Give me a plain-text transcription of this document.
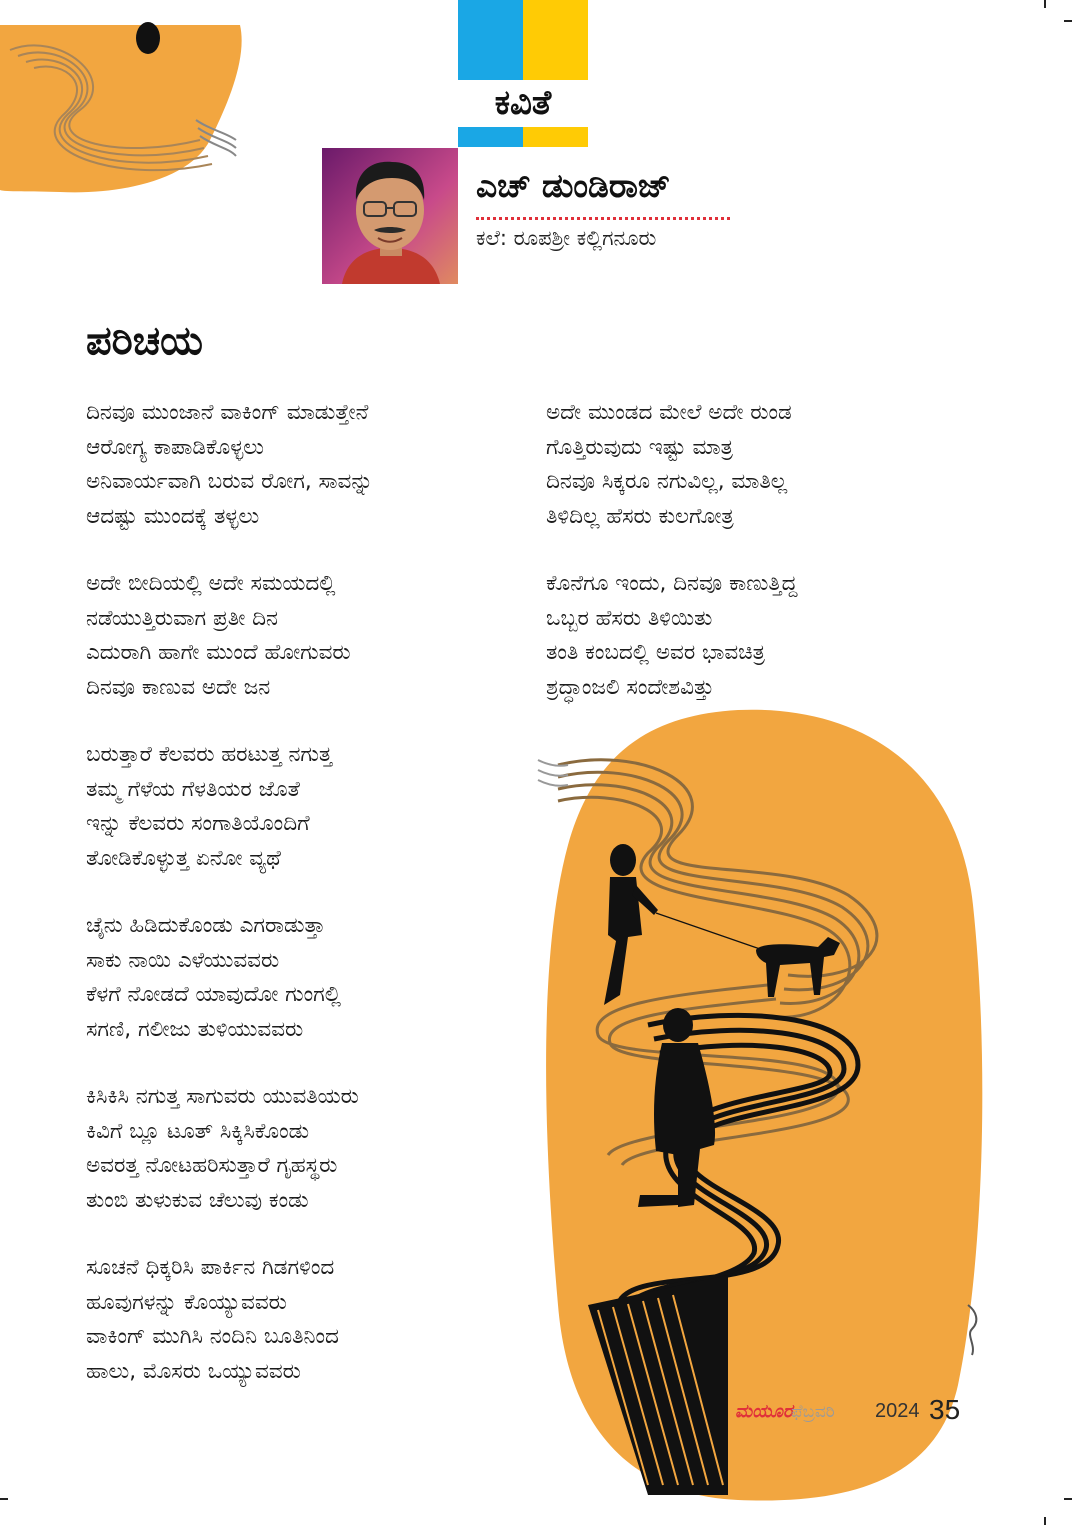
ಕವಿತೆ
ಎಚ್‌ ಡುಂಡಿರಾಜ್‌
ಕಲೆ: ರೂಪಶ್ರೀ ಕಲ್ಲಿಗನೂರು
ಪರಿಚಯ
ದಿನವೂ ಮುಂಜಾನೆ ವಾಕಿಂಗ್‌ ಮಾಡುತ್ತೇನೆ
ಆರೋಗ್ಯ ಕಾಪಾಡಿಕೊಳ್ಳಲು
ಅನಿವಾರ್ಯವಾಗಿ ಬರುವ ರೋಗ, ಸಾವನ್ನು
ಆದಷ್ಟು ಮುಂದಕ್ಕೆ ತಳ್ಳಲು
ಅದೇ ಬೀದಿಯಲ್ಲಿ ಅದೇ ಸಮಯದಲ್ಲಿ
ನಡೆಯುತ್ತಿರುವಾಗ ಪ್ರತೀ ದಿನ
ಎದುರಾಗಿ ಹಾಗೇ ಮುಂದೆ ಹೋಗುವರು
ದಿನವೂ ಕಾಣುವ ಅದೇ ಜನ
ಬರುತ್ತಾರೆ ಕೆಲವರು ಹರಟುತ್ತ ನಗುತ್ತ
ತಮ್ಮ ಗೆಳೆಯ ಗೆಳತಿಯರ ಜೊತೆ
ಇನ್ನು ಕೆಲವರು ಸಂಗಾತಿಯೊಂದಿಗೆ
ತೋಡಿಕೊಳ್ಳುತ್ತ ಏನೋ ವ್ಯಥೆ
ಚೈನು ಹಿಡಿದುಕೊಂಡು ಎಗರಾಡುತ್ತಾ
ಸಾಕು ನಾಯಿ ಎಳೆಯುವವರು
ಕೆಳಗೆ ನೋಡದೆ ಯಾವುದೋ ಗುಂಗಲ್ಲಿ
ಸಗಣಿ, ಗಲೀಜು ತುಳಿಯುವವರು
ಕಿಸಿಕಿಸಿ ನಗುತ್ತ ಸಾಗುವರು ಯುವತಿಯರು
ಕಿವಿಗೆ ಬ್ಲೂ ಟೂತ್‌ ಸಿಕ್ಕಿಸಿಕೊಂಡು
ಅವರತ್ತ ನೋಟಹರಿಸುತ್ತಾರೆ ಗೃಹಸ್ಥರು
ತುಂಬಿ ತುಳುಕುವ ಚೆಲುವು ಕಂಡು
ಸೂಚನೆ ಧಿಕ್ಕರಿಸಿ ಪಾರ್ಕಿನ ಗಿಡಗಳಿಂದ
ಹೂವುಗಳನ್ನು ಕೊಯ್ಯುವವರು
ವಾಕಿಂಗ್‌ ಮುಗಿಸಿ ನಂದಿನಿ ಬೂತಿನಿಂದ
ಹಾಲು, ಮೊಸರು ಒಯ್ಯುವವರು
ಅದೇ ಮುಂಡದ ಮೇಲೆ ಅದೇ ರುಂಡ
ಗೊತ್ತಿರುವುದು ಇಷ್ಟು ಮಾತ್ರ
ದಿನವೂ ಸಿಕ್ಕರೂ ನಗುವಿಲ್ಲ, ಮಾತಿಲ್ಲ
ತಿಳಿದಿಲ್ಲ ಹೆಸರು ಕುಲಗೋತ್ರ
ಕೊನೆಗೂ ಇಂದು, ದಿನವೂ ಕಾಣುತ್ತಿದ್ದ
ಒಬ್ಬರ ಹೆಸರು ತಿಳಿಯಿತು
ತಂತಿ ಕಂಬದಲ್ಲಿ ಅವರ ಭಾವಚಿತ್ರ
ಶ್ರದ್ಧಾಂಜಲಿ ಸಂದೇಶವಿತ್ತು
ಮಯೂರ
ಫೆಬ್ರವರಿ 2024 35
